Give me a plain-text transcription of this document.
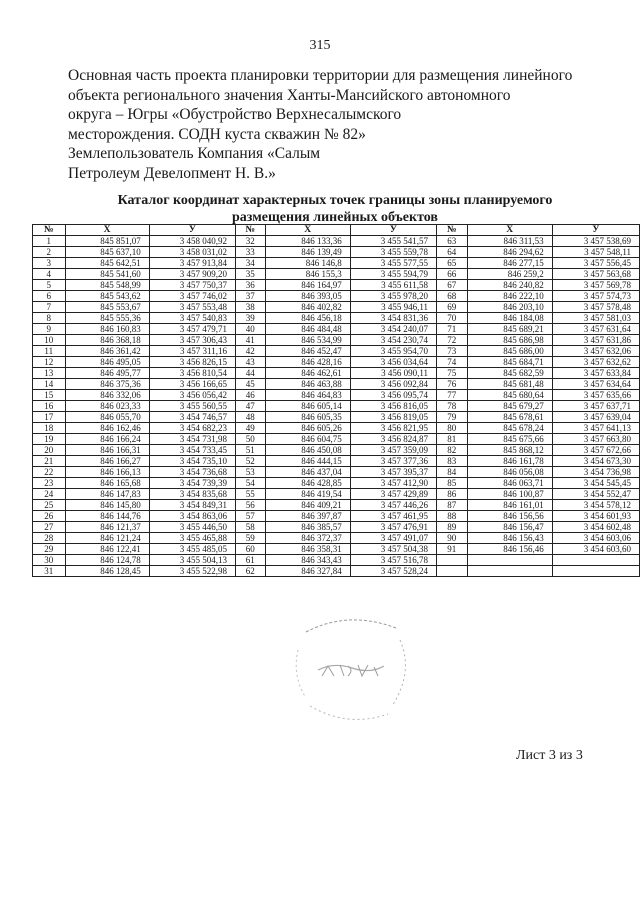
315
Основная часть проекта планировки территории для размещения линейного
объекта регионального значения Ханты-Мансийского автономного
округа – Югры «Обустройство Верхнесалымского
месторождения. СОДН куста скважин № 82»
Землепользователь Компания «Салым
Петролеум Девелопмент Н. В.»
Каталог координат характерных точек границы зоны планируемого
размещения линейных объектов
№	X	У	№	X	У	№	X	У
1	845 851,07	3 458 040,92	32	846 133,36	3 455 541,57	63	846 311,53	3 457 538,69
2	845 637,10	3 458 031,02	33	846 139,49	3 455 559,78	64	846 294,62	3 457 548,11
3	845 642,51	3 457 913,84	34	846 146,8	3 455 577,55	65	846 277,15	3 457 556,45
4	845 541,60	3 457 909,20	35	846 155,3	3 455 594,79	66	846 259,2	3 457 563,68
5	845 548,99	3 457 750,37	36	846 164,97	3 455 611,58	67	846 240,82	3 457 569,78
6	845 543,62	3 457 746,02	37	846 393,05	3 455 978,20	68	846 222,10	3 457 574,73
7	845 553,67	3 457 553,48	38	846 402,82	3 455 946,11	69	846 203,10	3 457 578,48
8	845 555,36	3 457 540,83	39	846 456,18	3 454 831,36	70	846 184,08	3 457 581,03
9	846 160,83	3 457 479,71	40	846 484,48	3 454 240,07	71	845 689,21	3 457 631,64
10	846 368,18	3 457 306,43	41	846 534,99	3 454 230,74	72	845 686,98	3 457 631,86
11	846 361,42	3 457 311,16	42	846 452,47	3 455 954,70	73	845 686,00	3 457 632,06
12	846 495,05	3 456 826,15	43	846 428,16	3 456 034,64	74	845 684,71	3 457 632,62
13	846 495,77	3 456 810,54	44	846 462,61	3 456 090,11	75	845 682,59	3 457 633,84
14	846 375,36	3 456 166,65	45	846 463,88	3 456 092,84	76	845 681,48	3 457 634,64
15	846 332,06	3 456 056,42	46	846 464,83	3 456 095,74	77	845 680,64	3 457 635,66
16	846 023,33	3 455 560,55	47	846 605,14	3 456 816,05	78	845 679,27	3 457 637,71
17	846 055,70	3 454 746,57	48	846 605,35	3 456 819,05	79	845 678,61	3 457 639,04
18	846 162,46	3 454 682,23	49	846 605,26	3 456 821,95	80	845 678,24	3 457 641,13
19	846 166,24	3 454 731,98	50	846 604,75	3 456 824,87	81	845 675,66	3 457 663,80
20	846 166,31	3 454 733,45	51	846 450,08	3 457 359,09	82	845 868,12	3 457 672,66
21	846 166,27	3 454 735,10	52	846 444,15	3 457 377,36	83	846 161,78	3 454 673,30
22	846 166,13	3 454 736,68	53	846 437,04	3 457 395,37	84	846 056,08	3 454 736,98
23	846 165,68	3 454 739,39	54	846 428,85	3 457 412,90	85	846 063,71	3 454 545,45
24	846 147,83	3 454 835,68	55	846 419,54	3 457 429,89	86	846 100,87	3 454 552,47
25	846 145,80	3 454 849,31	56	846 409,21	3 457 446,26	87	846 161,01	3 454 578,12
26	846 144,76	3 454 863,06	57	846 397,87	3 457 461,95	88	846 156,56	3 454 601,93
27	846 121,37	3 455 446,50	58	846 385,57	3 457 476,91	89	846 156,47	3 454 602,48
28	846 121,24	3 455 465,88	59	846 372,37	3 457 491,07	90	846 156,43	3 454 603,06
29	846 122,41	3 455 485,05	60	846 358,31	3 457 504,38	91	846 156,46	3 454 603,60
30	846 124,78	3 455 504,13	61	846 343,43	3 457 516,78			
31	846 128,45	3 455 522,98	62	846 327,84	3 457 528,24			
Лист 3 из 3
